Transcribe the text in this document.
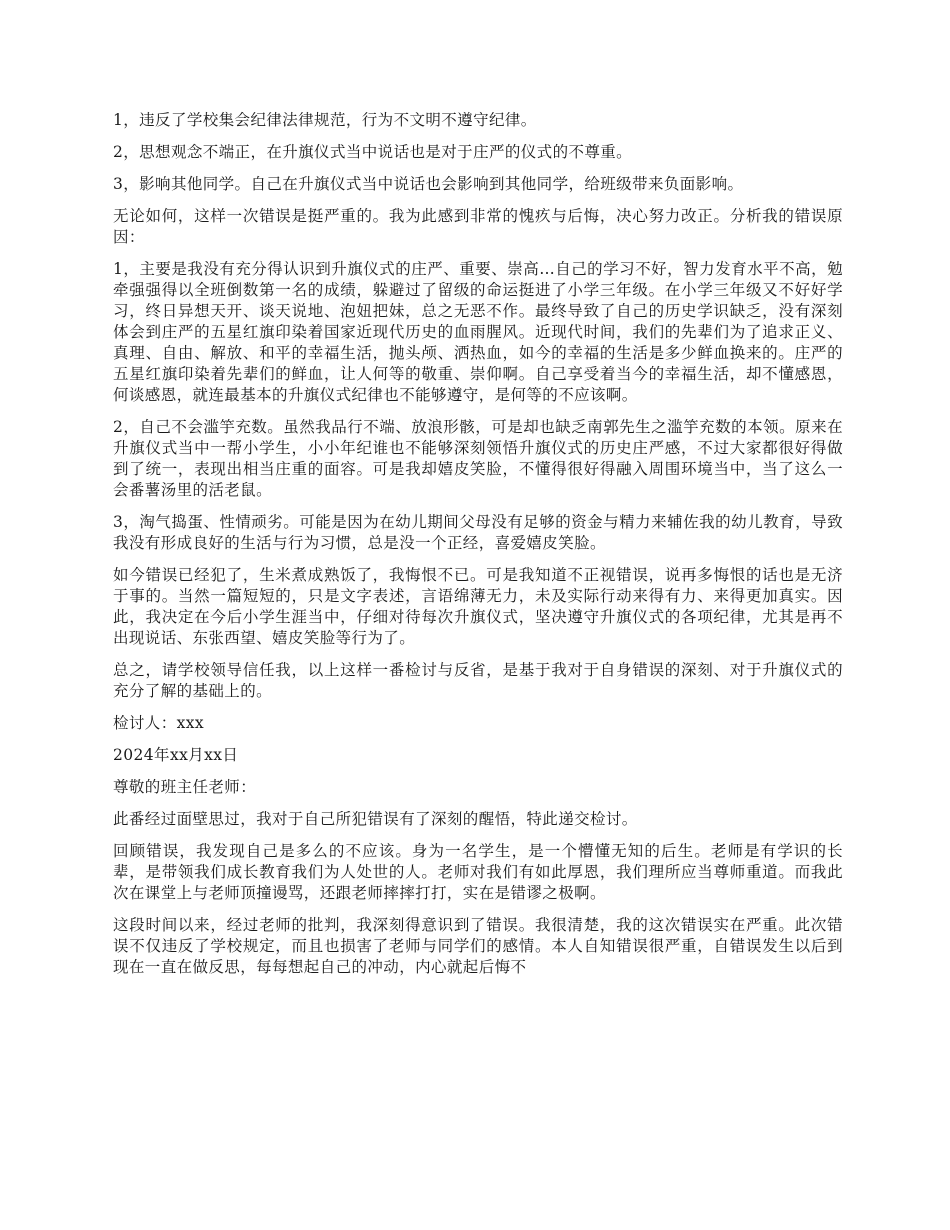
1，违反了学校集会纪律法律规范，行为不文明不遵守纪律。

2，思想观念不端正，在升旗仪式当中说话也是对于庄严的仪式的不尊重。

3，影响其他同学。自己在升旗仪式当中说话也会影响到其他同学，给班级带来负面影响。

无论如何，这样一次错误是挺严重的。我为此感到非常的愧疚与后悔，决心努力改正。分析我的错误原因：

1，主要是我没有充分得认识到升旗仪式的庄严、重要、崇高…自己的学习不好，智力发育水平不高，勉牵强强得以全班倒数第一名的成绩，躲避过了留级的命运挺进了小学三年级。在小学三年级又不好好学习，终日异想天开、谈天说地、泡妞把妹，总之无恶不作。最终导致了自己的历史学识缺乏，没有深刻体会到庄严的五星红旗印染着国家近现代历史的血雨腥风。近现代时间，我们的先辈们为了追求正义、真理、自由、解放、和平的幸福生活，抛头颅、洒热血，如今的幸福的生活是多少鲜血换来的。庄严的五星红旗印染着先辈们的鲜血，让人何等的敬重、崇仰啊。自己享受着当今的幸福生活，却不懂感恩，何谈感恩，就连最基本的升旗仪式纪律也不能够遵守，是何等的不应该啊。

2，自己不会滥竽充数。虽然我品行不端、放浪形骸，可是却也缺乏南郭先生之滥竽充数的本领。原来在升旗仪式当中一帮小学生，小小年纪谁也不能够深刻领悟升旗仪式的历史庄严感，不过大家都很好得做到了统一，表现出相当庄重的面容。可是我却嬉皮笑脸，不懂得很好得融入周围环境当中，当了这么一会番薯汤里的活老鼠。

3，淘气捣蛋、性情顽劣。可能是因为在幼儿期间父母没有足够的资金与精力来辅佐我的幼儿教育，导致我没有形成良好的生活与行为习惯，总是没一个正经，喜爱嬉皮笑脸。

如今错误已经犯了，生米煮成熟饭了，我悔恨不已。可是我知道不正视错误，说再多悔恨的话也是无济于事的。当然一篇短短的，只是文字表述，言语绵薄无力，未及实际行动来得有力、来得更加真实。因此，我决定在今后小学生涯当中，仔细对待每次升旗仪式，坚决遵守升旗仪式的各项纪律，尤其是再不出现说话、东张西望、嬉皮笑脸等行为了。

总之，请学校领导信任我，以上这样一番检讨与反省，是基于我对于自身错误的深刻、对于升旗仪式的充分了解的基础上的。

检讨人：xxx

2024年xx月xx日

尊敬的班主任老师：

此番经过面壁思过，我对于自己所犯错误有了深刻的醒悟，特此递交检讨。

回顾错误，我发现自己是多么的不应该。身为一名学生，是一个懵懂无知的后生。老师是有学识的长辈，是带领我们成长教育我们为人处世的人。老师对我们有如此厚恩，我们理所应当尊师重道。而我此次在课堂上与老师顶撞谩骂，还跟老师摔摔打打，实在是错谬之极啊。

这段时间以来，经过老师的批判，我深刻得意识到了错误。我很清楚，我的这次错误实在严重。此次错误不仅违反了学校规定，而且也损害了老师与同学们的感情。本人自知错误很严重，自错误发生以后到现在一直在做反思，每每想起自己的冲动，内心就起后悔不
